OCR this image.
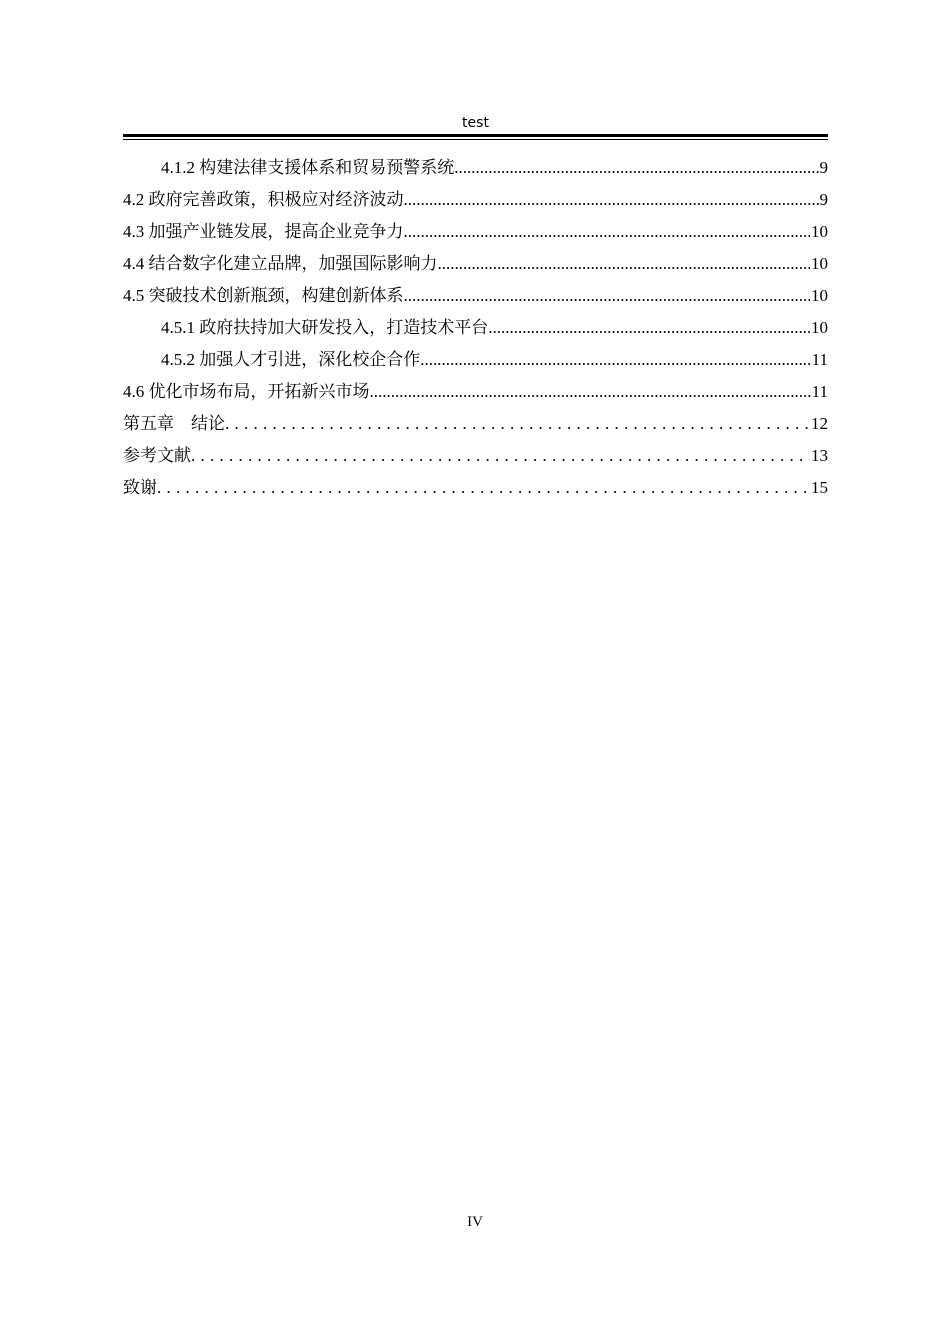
test
4.1.2 构建法律支援体系和贸易预警系统 .....	9
4.2 政府完善政策，积极应对经济波动 .....	9
4.3 加强产业链发展，提高企业竞争力 .....	10
4.4 结合数字化建立品牌，加强国际影响力 .....	10
4.5 突破技术创新瓶颈，构建创新体系 .....	10
4.5.1 政府扶持加大研发投入，打造技术平台 .....	10
4.5.2 加强人才引进，深化校企合作 .....	11
4.6 优化市场布局，开拓新兴市场 .....	11
第五章　结论 . . .	12
参考文献 . . .	13
致谢 . . .	15
IV
